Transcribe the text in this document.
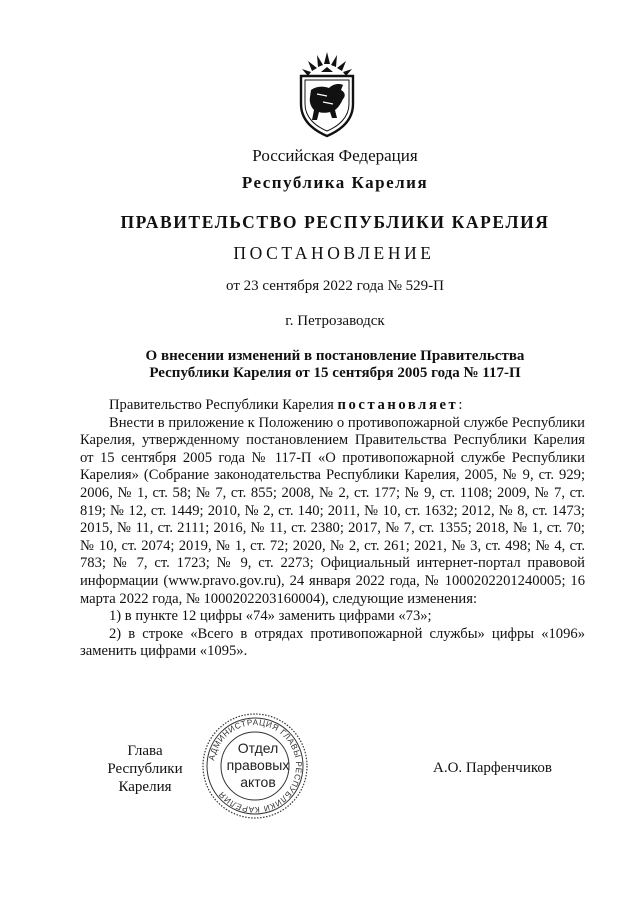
Российская Федерация
Республика Карелия
ПРАВИТЕЛЬСТВО РЕСПУБЛИКИ КАРЕЛИЯ
ПОСТАНОВЛЕНИЕ
от 23 сентября 2022 года № 529-П
г. Петрозаводск
О внесении изменений в постановление Правительства
Республики Карелия от 15 сентября 2005 года № 117-П

Правительство Республики Карелия постановляет:

Внести в приложение к Положению о противопожарной службе Республики Карелия, утвержденному постановлением Правительства Республики Карелия от 15 сентября 2005 года № 117-П «О противопожарной службе Республики Карелия» (Собрание законодательства Республики Карелия, 2005, № 9, ст. 929; 2006, № 1, ст. 58; № 7, ст. 855; 2008, № 2, ст. 177; № 9, ст. 1108; 2009, № 7, ст. 819; № 12, ст. 1449; 2010, № 2, ст. 140; 2011, № 10, ст. 1632; 2012, № 8, ст. 1473; 2015, № 11, ст. 2111; 2016, № 11, ст. 2380; 2017, № 7, ст. 1355; 2018, № 1, ст. 70; № 10, ст. 2074; 2019, № 1, ст. 72; 2020, № 2, ст. 261; 2021, № 3, ст. 498; № 4, ст. 783; № 7, ст. 1723; № 9, ст. 2273; Официальный интернет-портал правовой информации (www.pravo.gov.ru), 24 января 2022 года, № 1000202201240005; 16 марта 2022 года, № 1000202203160004), следующие изменения:

1) в пункте 12 цифры «74» заменить цифрами «73»;

2) в строке «Всего в отрядах противопожарной службы» цифры «1096» заменить цифрами «1095».

Глава
Республики Карелия
АДМИНИСТРАЦИЯ ГЛАВЫ РЕСПУБЛИКИ КАРЕЛИЯ
Отдел
правовых
актов
А.О. Парфенчиков
